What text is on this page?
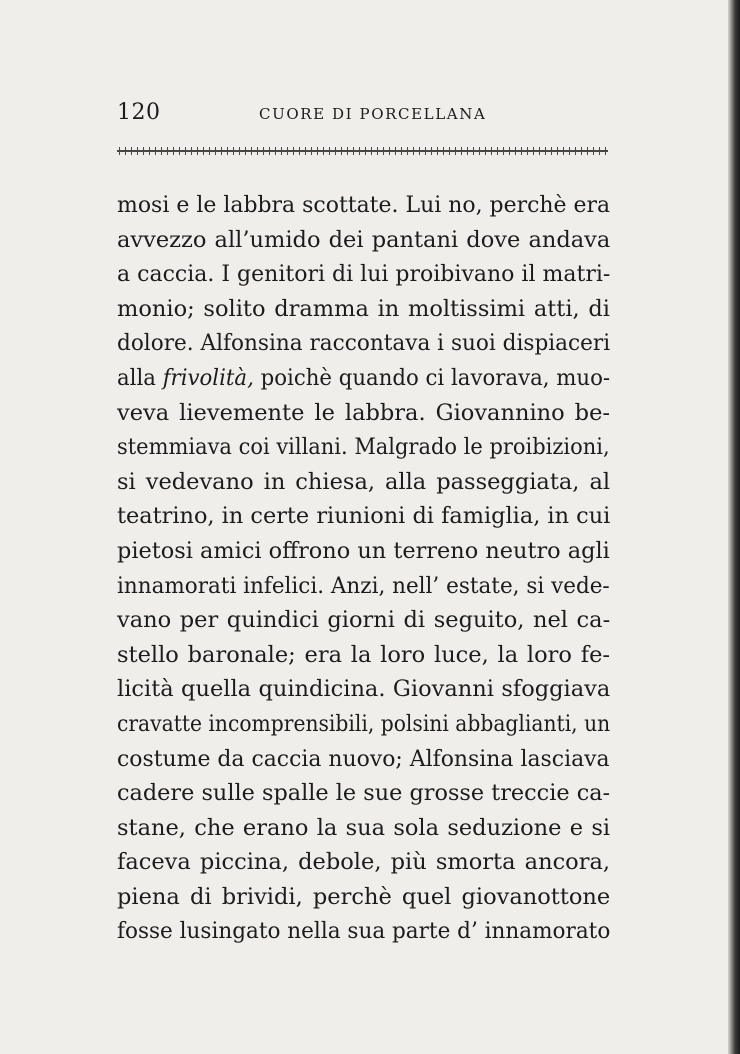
120	CUORE DI PORCELLANA
mosi e le labbra scottate. Lui no, perchè era
avvezzo all’umido dei pantani dove andava
a caccia. I genitori di lui proibivano il matri-
monio; solito dramma in moltissimi atti, di
dolore. Alfonsina raccontava i suoi dispiaceri
alla frivolità, poichè quando ci lavorava, muo-
veva lievemente le labbra. Giovannino be-
stemmiava coi villani. Malgrado le proibizioni,
si vedevano in chiesa, alla passeggiata, al
teatrino, in certe riunioni di famiglia, in cui
pietosi amici offrono un terreno neutro agli
innamorati infelici. Anzi, nell’ estate, si vede-
vano per quindici giorni di seguito, nel ca-
stello baronale; era la loro luce, la loro fe-
licità quella quindicina. Giovanni sfoggiava
cravatte incomprensibili, polsini abbaglianti, un
costume da caccia nuovo; Alfonsina lasciava
cadere sulle spalle le sue grosse treccie ca-
stane, che erano la sua sola seduzione e si
faceva piccina, debole, più smorta ancora,
piena di brividi, perchè quel giovanottone
fosse lusingato nella sua parte d’ innamorato
